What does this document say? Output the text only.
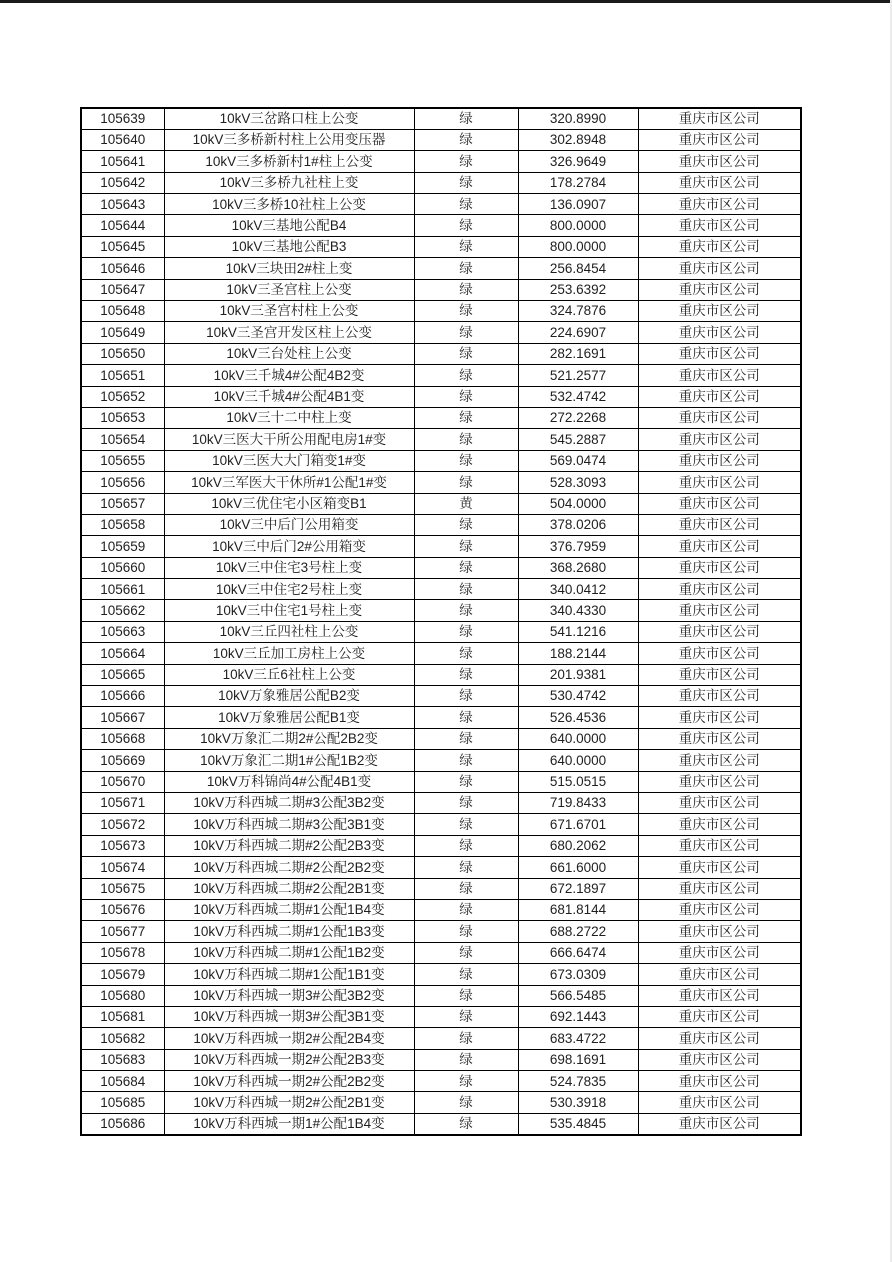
105639	10kV三岔路口柱上公变	绿	320.8990	重庆市区公司
105640	10kV三多桥新村柱上公用变压器	绿	302.8948	重庆市区公司
105641	10kV三多桥新村1#柱上公变	绿	326.9649	重庆市区公司
105642	10kV三多桥九社柱上变	绿	178.2784	重庆市区公司
105643	10kV三多桥10社柱上公变	绿	136.0907	重庆市区公司
105644	10kV三基地公配B4	绿	800.0000	重庆市区公司
105645	10kV三基地公配B3	绿	800.0000	重庆市区公司
105646	10kV三块田2#柱上变	绿	256.8454	重庆市区公司
105647	10kV三圣宫柱上公变	绿	253.6392	重庆市区公司
105648	10kV三圣宫村柱上公变	绿	324.7876	重庆市区公司
105649	10kV三圣宫开发区柱上公变	绿	224.6907	重庆市区公司
105650	10kV三台处柱上公变	绿	282.1691	重庆市区公司
105651	10kV三千城4#公配4B2变	绿	521.2577	重庆市区公司
105652	10kV三千城4#公配4B1变	绿	532.4742	重庆市区公司
105653	10kV三十二中柱上变	绿	272.2268	重庆市区公司
105654	10kV三医大干所公用配电房1#变	绿	545.2887	重庆市区公司
105655	10kV三医大大门箱变1#变	绿	569.0474	重庆市区公司
105656	10kV三军医大干休所#1公配1#变	绿	528.3093	重庆市区公司
105657	10kV三优住宅小区箱变B1	黄	504.0000	重庆市区公司
105658	10kV三中后门公用箱变	绿	378.0206	重庆市区公司
105659	10kV三中后门2#公用箱变	绿	376.7959	重庆市区公司
105660	10kV三中住宅3号柱上变	绿	368.2680	重庆市区公司
105661	10kV三中住宅2号柱上变	绿	340.0412	重庆市区公司
105662	10kV三中住宅1号柱上变	绿	340.4330	重庆市区公司
105663	10kV三丘四社柱上公变	绿	541.1216	重庆市区公司
105664	10kV三丘加工房柱上公变	绿	188.2144	重庆市区公司
105665	10kV三丘6社柱上公变	绿	201.9381	重庆市区公司
105666	10kV万象雅居公配B2变	绿	530.4742	重庆市区公司
105667	10kV万象雅居公配B1变	绿	526.4536	重庆市区公司
105668	10kV万象汇二期2#公配2B2变	绿	640.0000	重庆市区公司
105669	10kV万象汇二期1#公配1B2变	绿	640.0000	重庆市区公司
105670	10kV万科锦尚4#公配4B1变	绿	515.0515	重庆市区公司
105671	10kV万科西城二期#3公配3B2变	绿	719.8433	重庆市区公司
105672	10kV万科西城二期#3公配3B1变	绿	671.6701	重庆市区公司
105673	10kV万科西城二期#2公配2B3变	绿	680.2062	重庆市区公司
105674	10kV万科西城二期#2公配2B2变	绿	661.6000	重庆市区公司
105675	10kV万科西城二期#2公配2B1变	绿	672.1897	重庆市区公司
105676	10kV万科西城二期#1公配1B4变	绿	681.8144	重庆市区公司
105677	10kV万科西城二期#1公配1B3变	绿	688.2722	重庆市区公司
105678	10kV万科西城二期#1公配1B2变	绿	666.6474	重庆市区公司
105679	10kV万科西城二期#1公配1B1变	绿	673.0309	重庆市区公司
105680	10kV万科西城一期3#公配3B2变	绿	566.5485	重庆市区公司
105681	10kV万科西城一期3#公配3B1变	绿	692.1443	重庆市区公司
105682	10kV万科西城一期2#公配2B4变	绿	683.4722	重庆市区公司
105683	10kV万科西城一期2#公配2B3变	绿	698.1691	重庆市区公司
105684	10kV万科西城一期2#公配2B2变	绿	524.7835	重庆市区公司
105685	10kV万科西城一期2#公配2B1变	绿	530.3918	重庆市区公司
105686	10kV万科西城一期1#公配1B4变	绿	535.4845	重庆市区公司
